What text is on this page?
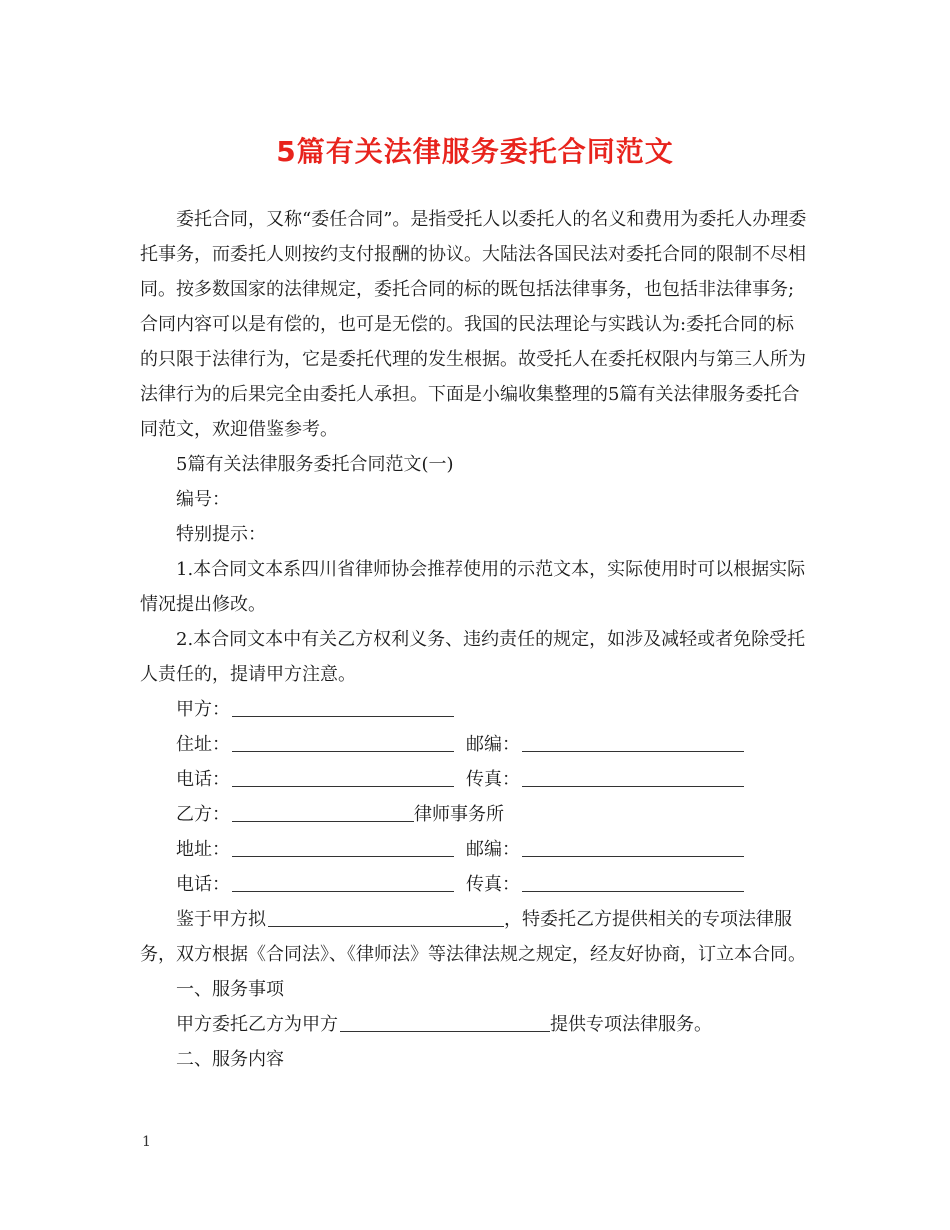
5篇有关法律服务委托合同范文

委托合同，又称“委任合同”。是指受托人以委托人的名义和费用为委托人办理委托事务，而委托人则按约支付报酬的协议。大陆法各国民法对委托合同的限制不尽相同。按多数国家的法律规定，委托合同的标的既包括法律事务，也包括非法律事务;合同内容可以是有偿的，也可是无偿的。我国的民法理论与实践认为:委托合同的标的只限于法律行为，它是委托代理的发生根据。故受托人在委托权限内与第三人所为法律行为的后果完全由委托人承担。下面是小编收集整理的5篇有关法律服务委托合同范文，欢迎借鉴参考。

5篇有关法律服务委托合同范文(一)

编号：

特别提示：

1.本合同文本系四川省律师协会推荐使用的示范文本，实际使用时可以根据实际情况提出修改。

2.本合同文本中有关乙方权利义务、违约责任的规定，如涉及减轻或者免除受托人责任的，提请甲方注意。

甲方：
住址：	邮编：
电话：	传真：
乙方：	律师事务所
地址：	邮编：
电话：	传真：

鉴于甲方拟	，特委托乙方提供相关的专项法律服务，双方根据《合同法》、《律师法》等法律法规之规定，经友好协商，订立本合同。

一、服务事项

甲方委托乙方为甲方	提供专项法律服务。

二、服务内容

1
